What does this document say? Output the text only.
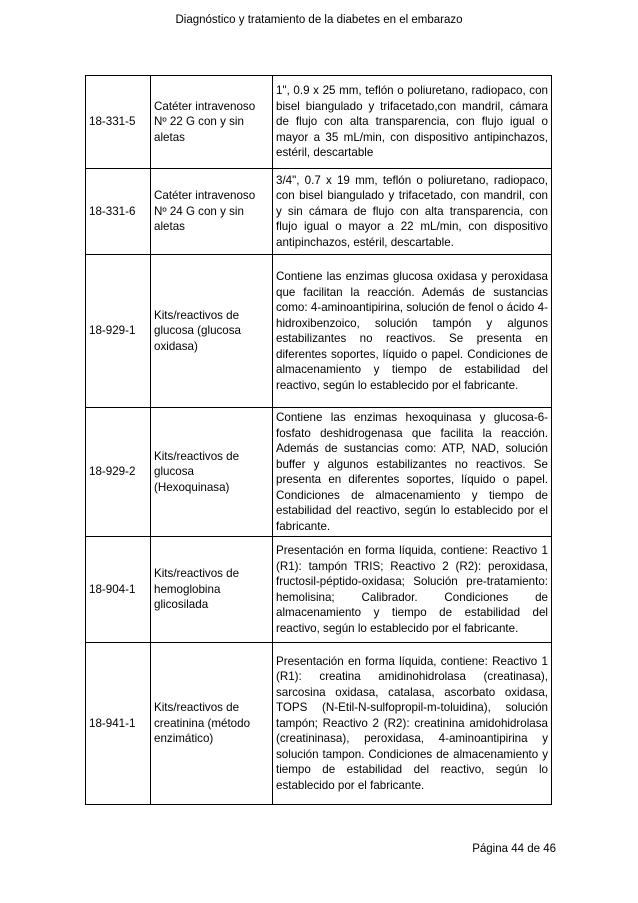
Diagnóstico y tratamiento de la diabetes en el embarazo
18-331-5	Catéter intravenoso Nº 22 G con y sin aletas	1", 0.9 x 25 mm, teflón o poliuretano, radiopaco, con bisel biangulado y trifacetado,con mandril, cámara de flujo con alta transparencia, con flujo igual o mayor a 35 mL/min, con dispositivo antipinchazos, estéril, descartable
18-331-6	Catéter intravenoso Nº 24 G con y sin aletas	3/4", 0.7 x 19 mm, teflón o poliuretano, radiopaco, con bisel biangulado y trifacetado, con mandril, con y sin cámara de flujo con alta transparencia, con flujo igual o mayor a 22 mL/min, con dispositivo antipinchazos, estéril, descartable.
18-929-1	Kits/reactivos de glucosa (glucosa oxidasa)	Contiene las enzimas glucosa oxidasa y peroxidasa que facilitan la reacción. Además de sustancias como: 4-aminoantipirina, solución de fenol o ácido 4-hidroxibenzoico, solución tampón y algunos estabilizantes no reactivos. Se presenta en diferentes soportes, líquido o papel. Condiciones de almacenamiento y tiempo de estabilidad del reactivo, según lo establecido por el fabricante.
18-929-2	Kits/reactivos de glucosa (Hexoquinasa)	Contiene las enzimas hexoquinasa y glucosa-6-fosfato deshidrogenasa que facilita la reacción. Además de sustancias como: ATP, NAD, solución buffer y algunos estabilizantes no reactivos. Se presenta en diferentes soportes, líquido o papel. Condiciones de almacenamiento y tiempo de estabilidad del reactivo, según lo establecido por el fabricante.
18-904-1	Kits/reactivos de hemoglobina glicosilada	Presentación en forma líquida, contiene: Reactivo 1 (R1): tampón TRIS; Reactivo 2 (R2): peroxidasa, fructosil-péptido-oxidasa; Solución pre-tratamiento: hemolisina; Calibrador. Condiciones de almacenamiento y tiempo de estabilidad del reactivo, según lo establecido por el fabricante.
18-941-1	Kits/reactivos de creatinina (método enzimático)	Presentación en forma líquida, contiene: Reactivo 1 (R1): creatina amidinohidrolasa (creatinasa), sarcosina oxidasa, catalasa, ascorbato oxidasa, TOPS (N-Etil-N-sulfopropil-m-toluidina), solución tampón; Reactivo 2 (R2): creatinina amidohidrolasa (creatininasa), peroxidasa, 4-aminoantipirina y solución tampon. Condiciones de almacenamiento y tiempo de estabilidad del reactivo, según lo establecido por el fabricante.
Página 44 de 46
